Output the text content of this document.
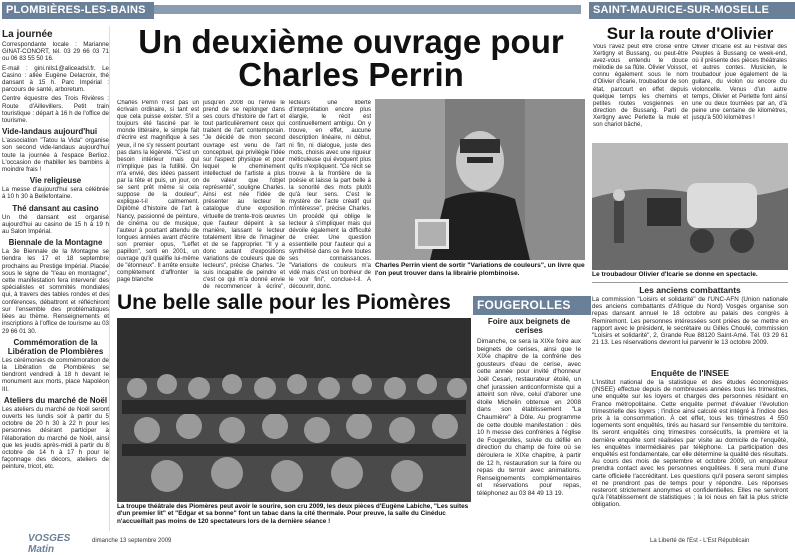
PLOMBIÈRES-LES-BAINS	SAINT-MAURICE-SUR-MOSELLE
La journée

Correspondante locale : Marianne GINAT-CONORT, tél. 03 29 66 03 71 ou 06 83 55 50 16.

E-mail : gini.nils1@aliceadsl.fr. Le Casino : allée Eugène Delacroix, thé dansant à 15 h. Parc Impérial : parcours de santé, arboretum.

Centre équestre des Trois Rivières : Route d'Aillevillers. Petit train touristique : départ à 16 h de l'office de tourisme.

Vide-landaus aujourd'hui

L'association "Tatou la Vida" organise son second vide-landaus aujourd'hui toute la journée à l'espace Berlioz. L'occasion de rhabiller les bambins à moindre frais !

Vie religieuse

La messe d'aujourd'hui sera célébrée à 10 h 30 à Bellefontaine.

Thé dansant au casino

Un thé dansant est organisé aujourd'hui au casino de 15 h à 19 h au Salon Impérial.

Biennale de la Montagne

La 3e Biennale de la Montagne se tiendra les 17 et 18 septembre prochains au Prestige Impérial. Placée sous le signe de "l'eau en montagne", cette manifestation fera intervenir des spécialistes et sommités mondiales qui, à travers des tables rondes et des conférences, débattront et réfléchiront sur l'ensemble des problématiques liées au thème. Renseignements et inscriptions à l'office de tourisme au 03 29 66 01 30.

Commémoration de la Libération de Plombières

Les cérémonies de commémoration de la Libération de Plombières se tiendront vendredi à 18 h devant le monument aux morts, place Napoléon III.

Ateliers du marché de Noël

Les ateliers du marché de Noël seront ouverts les lundis soir à partir du 5 octobre de 20 h 30 à 22 h pour les personnes désirant participer à l'élaboration du marché de Noël, ainsi que les jeudis après-midi à partir du 8 octobre de 14 h à 17 h pour le façonnage des décors, ateliers de peinture, tricot, etc.

Un deuxième ouvrage pour Charles Perrin
Charles Perrin n'est pas un écrivain ordinaire, si tant est que cela puisse exister. S'il a toujours été fasciné par le monde littéraire, le simple fait d'écrire est magnifique à ses yeux, il ne s'y ressent pourtant pas dans la légèreté. "C'est un besoin intérieur mais qui n'implique pas la futilité. On m'a envié, des idées passent par la tête et puis, un jour, on se sent prêt même si cela suppose de la douleur", explique-t-il calmement. Diplômé d'histoire de l'art à Nancy, passionné de peinture, de cinéma ou de musique, l'auteur à pourtant attendu de longues années avant d'écrire son premier opus, "Leffet papillon", sorti en 2001, un ouvrage qu'il qualifie lui-même de "étonneux". Il arrête ensuite complètement d'affronter la page blanche
jusqu'en 2008 où l'envie le prend de se replonger dans ses cours d'histoire de l'art et tout particulièrement ceux qui traitent de l'art contemporain. "Je décidé de mon second ouvrage est venu de l'art conceptuel, qui privilégie l'idée sur l'aspect physique et pour lequel le cheminement intellectuel de l'artiste a plus de valeur que l'objet représenté", souligne Charles. Ainsi est née l'idée de présenter au lecteur le catalogue d'une exposition virtuelle de trente-trois œuvres que l'auteur dépeint à sa manière, laissant le lecteur totalement libre de l'imaginer et de se l'approprier. "Il y a donc autant d'expositions variations de couleurs que de lecteurs", précise Charles. "Je suis incapable de peindre et c'est ce qui m'a donné envie de recommencer à écrire",
lecteurs une liberté d'interprétation encore plus élargie, le récit est continuellement ambigu. On y trouve, en effet, aucune description linéaire, ni début, ni fin, ni dialogue, juste des mots, choisis avec une rigueur méticuleuse qui évoquent plus qu'ils n'expliquent. "Ce récit se trouve à la frontière de la poésie et laisse la part belle à la sonorité des mots plutôt qu'à leur sens. C'est le mystère de l'acte créatif qui m'intéresse", précise Charles. Un procédé qui oblige le lecteur à s'impliquer mais qui dévoile également la difficulté de créer. Une question essentielle pour l'auteur qui a synthétisé dans ce livre toutes ses connaissances. "Variations de couleurs m'a vidé mais c'est un bonheur de le voir fini", conclue-t-il. A découvrir, donc.
Charles Perrin vient de sortir "Variations de couleurs", un livre que l'on peut trouver dans la librairie plombinoise.
Une belle salle pour les Piomères
La troupe théâtrale des Piomères peut avoir le sourire, son cru 2009, les deux pièces d'Eugène Labiche, "Les suites d'un premier lit" et "Edgar et sa bonne" font un tabac dans la cité thermale. Pour preuve, la salle du Cinéduc n'accueillait pas moins de 120 spectateurs lors de la dernière séance !
FOUGEROLLES
Foire aux beignets de cerises
Dimanche, ce sera la XIXe foire aux beignets de cerises, ainsi que le XIXe chapitre de la confrérie des gousteurs d'eau de cerise, avec cette année pour invité d'honneur Joël Cesari, restaurateur étoilé, un chef jurassien anticonformiste qui a atteint son rêve, celui d'aborer une étoile Michelin obtenue en 2008 dans son établissement "La Chaumière" à Dôle. Au programme de cette double manifestation : dès 10 h messe des confréries à l'église de Fougerolles, suivie du défilé en direction du champ de foire où se déroulera le XIXe chapitre, à partir de 12 h, restauration sur la foire ou repas du terroir avec animations. Renseignements complémentaires et réservations pour repas, téléphonez au 03 84 49 13 19.
Sur la route d'Olivier
Vous l'avez peut être croisé entre Xertigny et Bussang, ou peut-être avez-vous entendu le douce mélodie de sa flûte. Olivier Voissot, connu également sous le nom d'Olivier d'Icarie, troubadour de son état, parcourt en effet depuis quelque temps les chemins et petites routes vosgiennes en direction de Bussang. Parti de Xertigny avec Perlette la mule et son chariot bâché,
Olivier d'Icarie est au Festival des Peuples à Bussang ce week-end, où il présente des pièces théâtrales et autres contes. Musicien, le troubadour joue également de la guitare, du violon ou encore du violoncelle. Venus d'un autre temps, Olivier et Perlette font ainsi une ou deux tournées par an, d'à peine une centaine de kilomètres, jusqu'à 500 kilomètres !
Le troubadour Olivier d'Icarie se donne en spectacle.
Les anciens combattants
La commission "Loisirs et solidarité" de l'UNC-AFN (Union nationale des anciens combattants d'Afrique du Nord) Vosges organise son repas dansant annuel le 18 octobre au palais des congrès à Remiremont. Les personnes intéressées sont priées de se mettre en rapport avec le président, le secrétaire ou Gilles Choulé, commission "Loisirs et solidarité", 2, Grande Rue 88120 Saint-Amé. Tél. 03 29 61 21 13. Les réservations devront lui parvenir le 13 octobre 2009.
Enquête de l'INSEE
L'Institut national de la statistique et des études économiques (INSEE) effectue depuis de nombreuses années tous les trimestres, une enquête sur les loyers et charges des personnes résidant en France métropolitaine. Cette enquête permet d'évaluer l'évolution trimestrielle des loyers ; l'indice ainsi calculé est intégré à l'indice des prix à la consommation. À cet effet, tous les trimestres 4 550 logements sont enquêtés, tirés au hasard sur l'ensemble du territoire. Ils seront enquêtés cinq trimestres consécutifs, la première et la dernière enquête sont réalisées par visite au domicile de l'enquêté, les enquêtes intermédiaires par téléphone. La participation des enquêtés est fondamentale, car elle détermine la qualité des résultats. Au cours des mois de septembre et octobre 2009, un enquêteur prendra contact avec les personnes enquêtées. Il sera muni d'une carte officielle l'accréditant. Les questions qu'il posera seront simples et ne prendront pas de temps pour y répondre. Les réponses resteront strictement anonymes et confidentielles. Elles ne serviront qu'à l'établissement de statistiques ; la loi nous en fait la plus stricte obligation.
VOSGES Matin
dimanche 13 septembre 2009	La Liberté de l'Est - L'Est Républicain
